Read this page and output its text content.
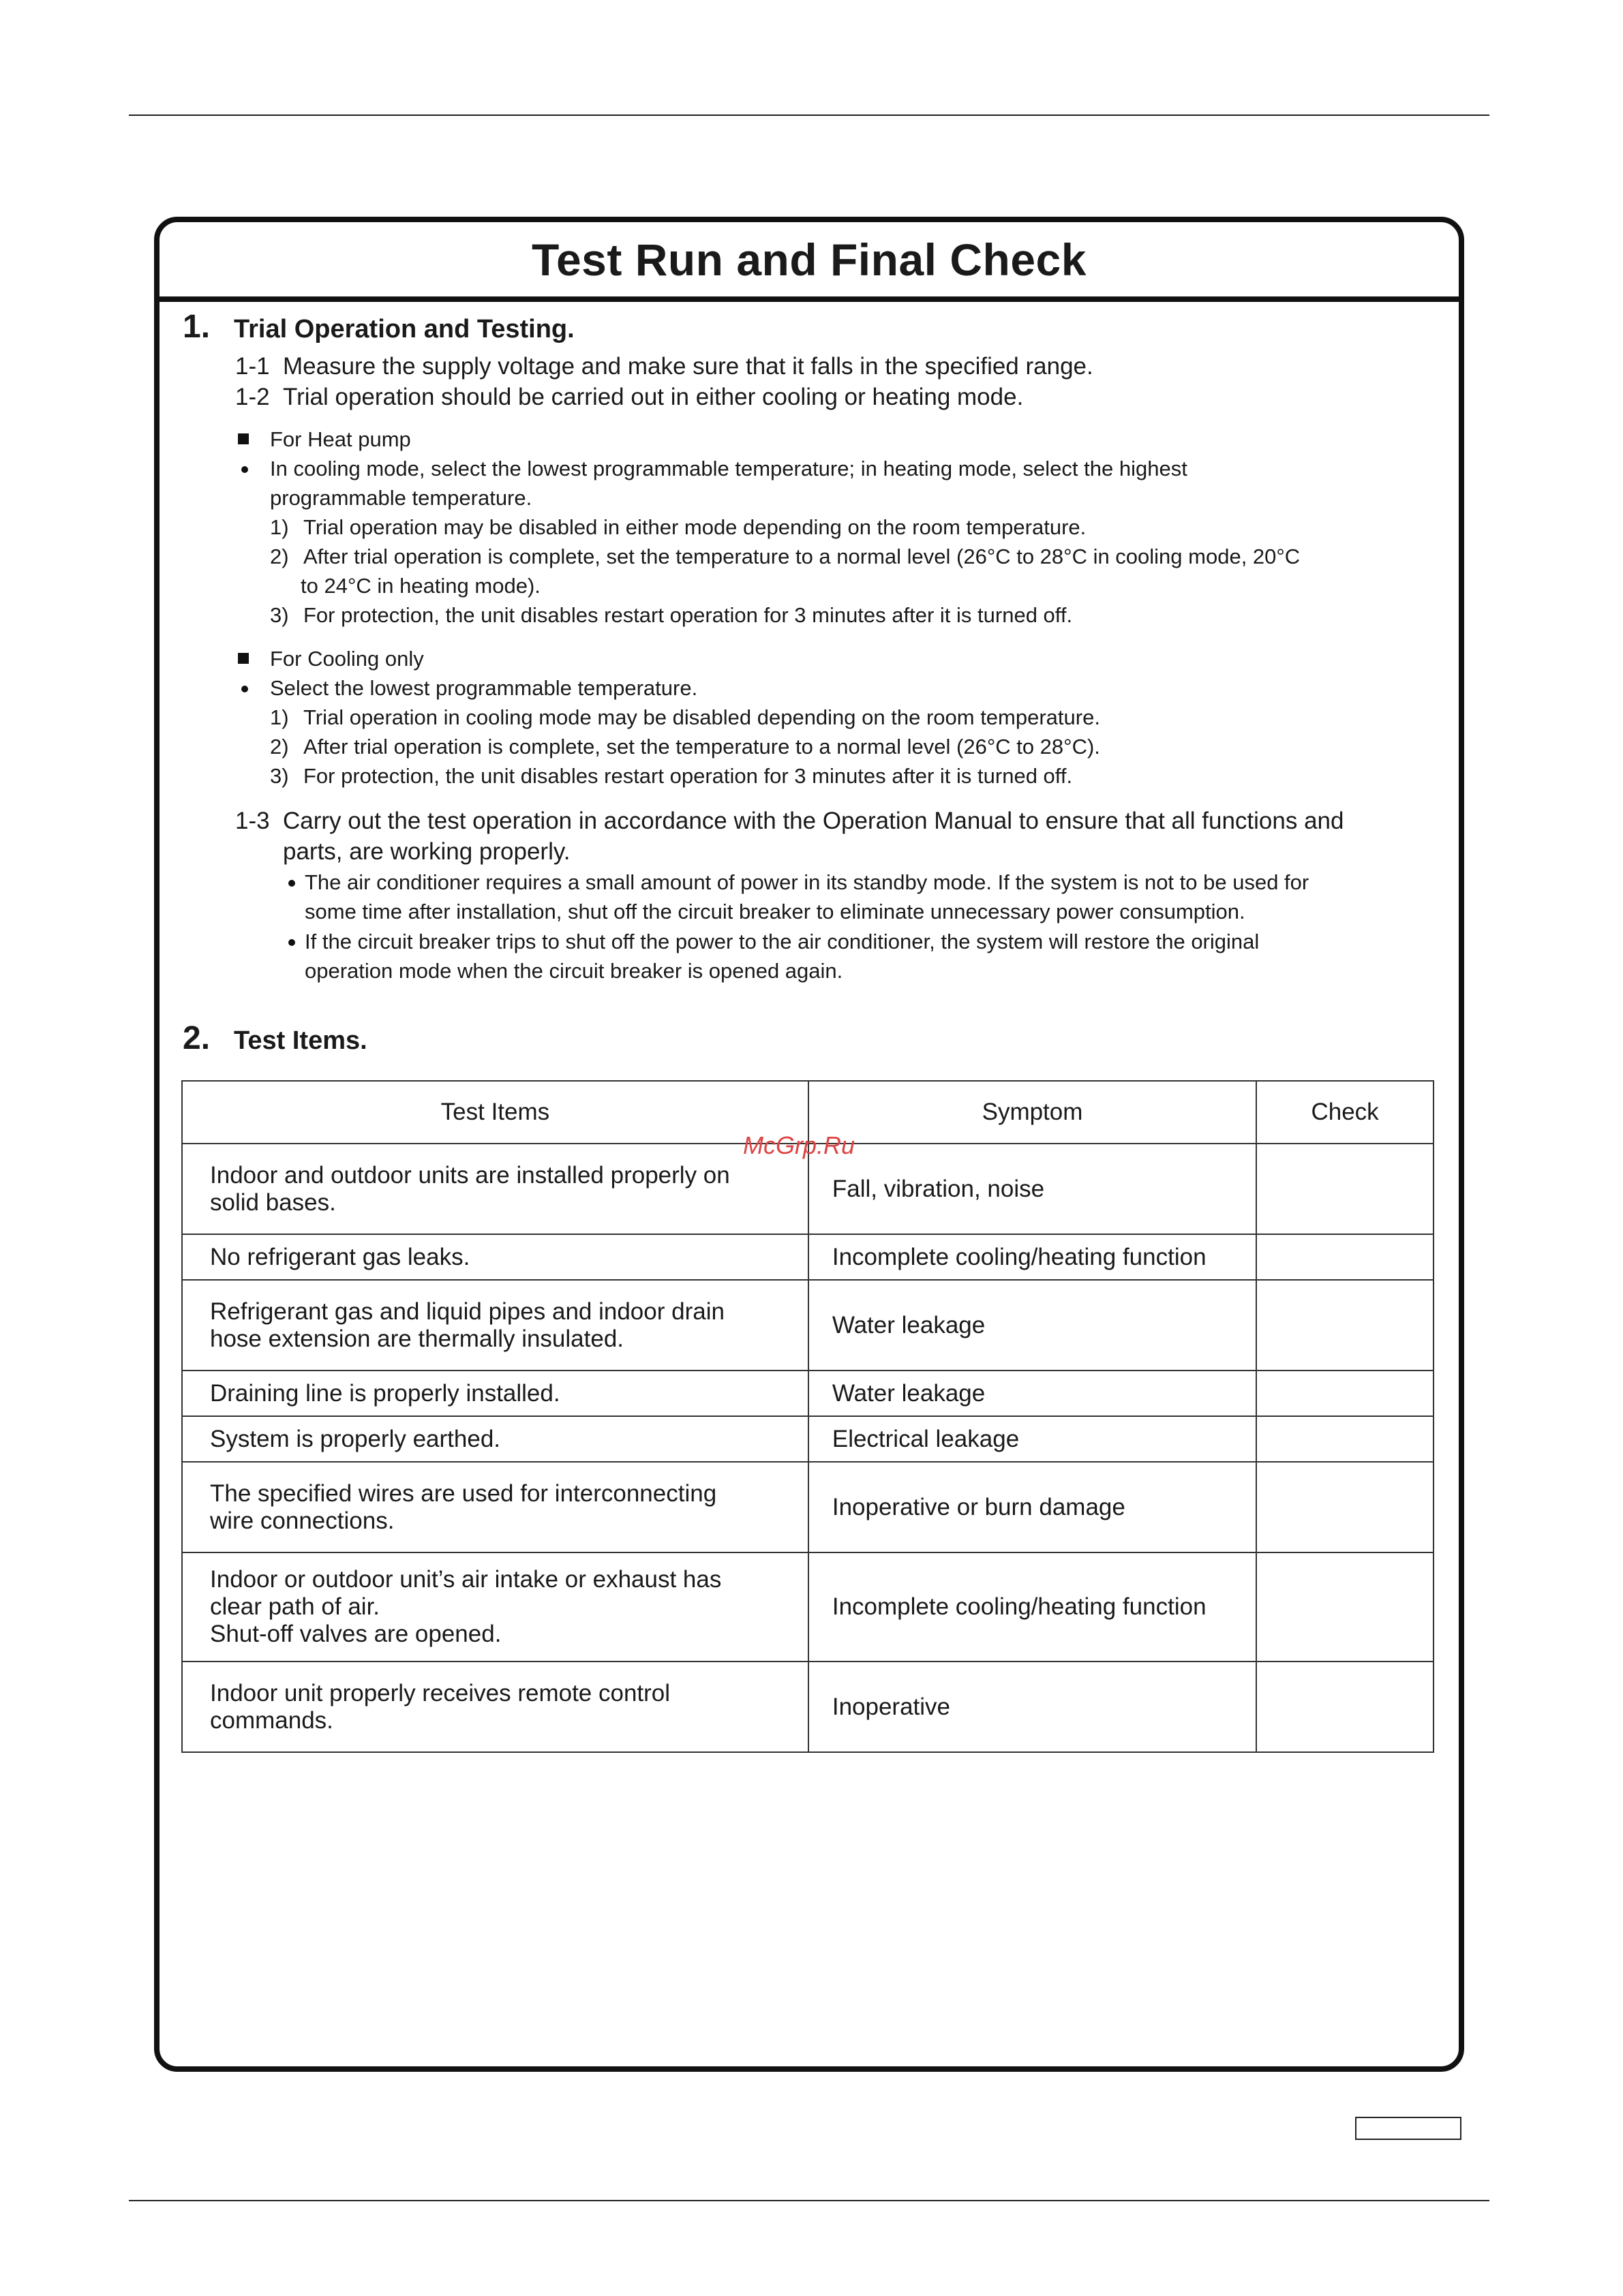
Test Run and Final Check
1. Trial Operation and Testing.
1-1 Measure the supply voltage and make sure that it falls in the specified range.
1-2 Trial operation should be carried out in either cooling or heating mode.
For Heat pump
In cooling mode, select the lowest programmable temperature; in heating mode, select the highest
programmable temperature.
1) Trial operation may be disabled in either mode depending on the room temperature.
2) After trial operation is complete, set the temperature to a normal level (26°C to 28°C in cooling mode, 20°C
to 24°C in heating mode).
3) For protection, the unit disables restart operation for 3 minutes after it is turned off.
For Cooling only
Select the lowest programmable temperature.
1) Trial operation in cooling mode may be disabled depending on the room temperature.
2) After trial operation is complete, set the temperature to a normal level (26°C to 28°C).
3) For protection, the unit disables restart operation for 3 minutes after it is turned off.
1-3 Carry out the test operation in accordance with the Operation Manual to ensure that all functions and
parts, are working properly.
The air conditioner requires a small amount of power in its standby mode. If the system is not to be used for
some time after installation, shut off the circuit breaker to eliminate unnecessary power consumption.
If the circuit breaker trips to shut off the power to the air conditioner, the system will restore the original
operation mode when the circuit breaker is opened again.
2. Test Items.
Test Items	Symptom	Check

Indoor and outdoor units are installed properly on
solid bases.	Fall, vibration, noise	

No refrigerant gas leaks.	Incomplete cooling/heating function	

Refrigerant gas and liquid pipes and indoor drain
hose extension are thermally insulated.	Water leakage	

Draining line is properly installed.	Water leakage	

System is properly earthed.	Electrical leakage	

The specified wires are used for interconnecting
wire connections.	Inoperative or burn damage	

Indoor or outdoor unit’s air intake or exhaust has
clear path of air.
Shut-off valves are opened.	Incomplete cooling/heating function	

Indoor unit properly receives remote control
commands.	Inoperative	
McGrp.Ru
